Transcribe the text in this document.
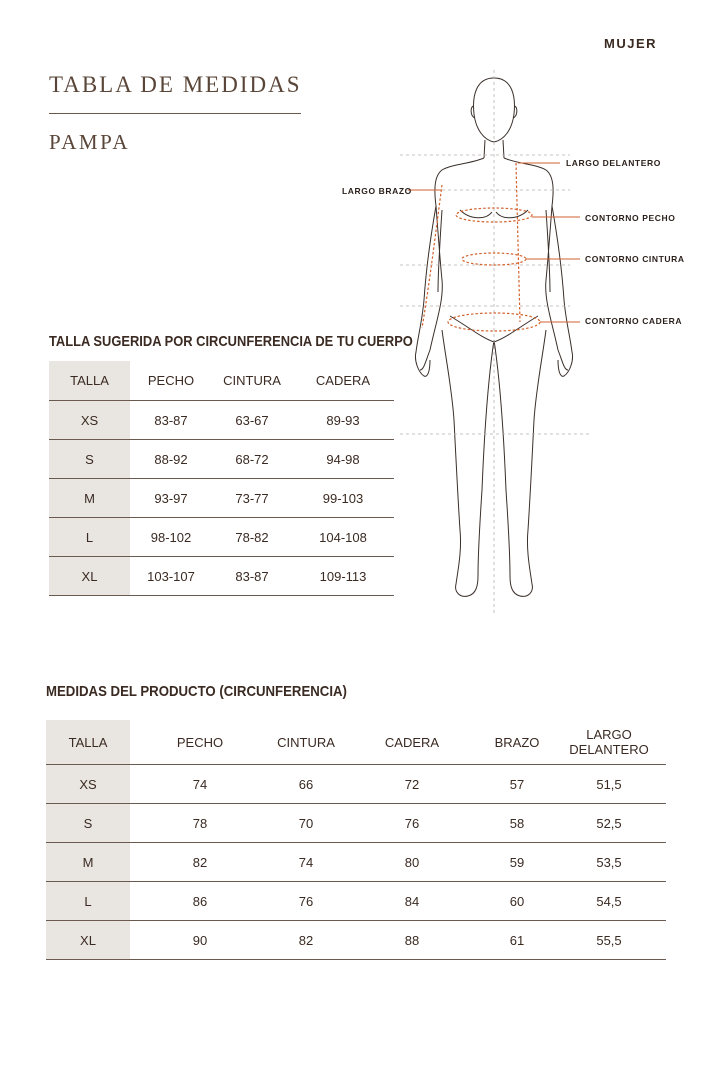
MUJER
TABLA DE MEDIDAS
PAMPA
LARGO DELANTERO
LARGO BRAZO
CONTORNO PECHO
CONTORNO CINTURA
CONTORNO CADERA
TALLA SUGERIDA POR CIRCUNFERENCIA DE TU CUERPO
TALLA	PECHO	CINTURA	CADERA
XS	83-87	63-67	89-93
S	88-92	68-72	94-98
M	93-97	73-77	99-103
L	98-102	78-82	104-108
XL	103-107	83-87	109-113
MEDIDAS DEL PRODUCTO (CIRCUNFERENCIA)
TALLA	PECHO	CINTURA	CADERA	BRAZO	LARGO DELANTERO
XS	74	66	72	57	51,5
S	78	70	76	58	52,5
M	82	74	80	59	53,5
L	86	76	84	60	54,5
XL	90	82	88	61	55,5
